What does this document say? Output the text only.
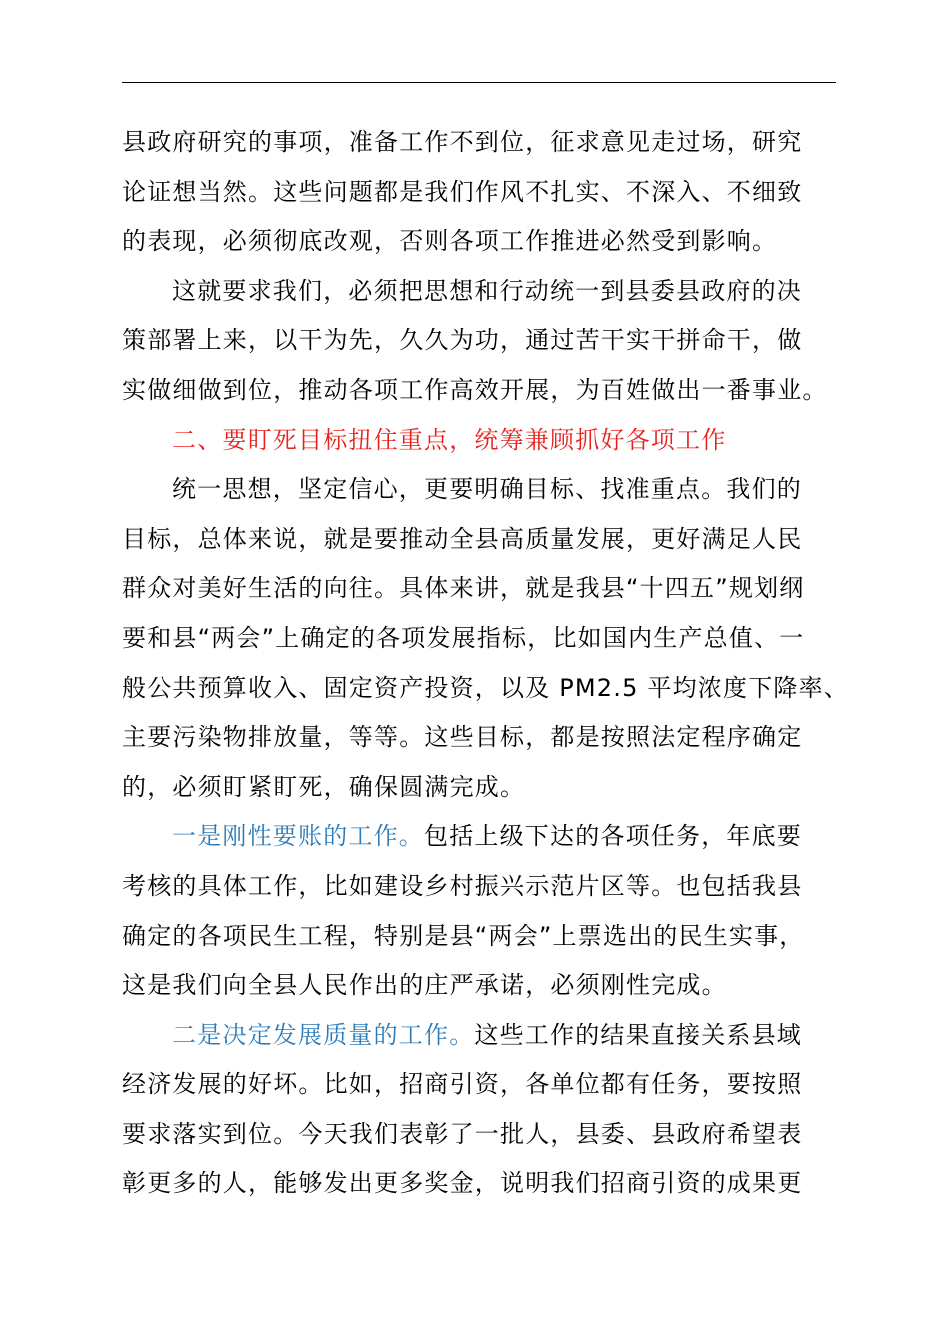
县政府研究的事项，准备工作不到位，征求意见走过场，研究
论证想当然。这些问题都是我们作风不扎实、不深入、不细致
的表现，必须彻底改观，否则各项工作推进必然受到影响。
这就要求我们，必须把思想和行动统一到县委县政府的决
策部署上来，以干为先，久久为功，通过苦干实干拼命干，做
实做细做到位，推动各项工作高效开展，为百姓做出一番事业。
二、要盯死目标扭住重点，统筹兼顾抓好各项工作
统一思想，坚定信心，更要明确目标、找准重点。我们的
目标，总体来说，就是要推动全县高质量发展，更好满足人民
群众对美好生活的向往。具体来讲，就是我县“十四五”规划纲
要和县“两会”上确定的各项发展指标，比如国内生产总值、一
般公共预算收入、固定资产投资，以及 PM2.5 平均浓度下降率、
主要污染物排放量，等等。这些目标，都是按照法定程序确定
的，必须盯紧盯死，确保圆满完成。
一是刚性要账的工作。包括上级下达的各项任务，年底要
考核的具体工作，比如建设乡村振兴示范片区等。也包括我县
确定的各项民生工程，特别是县“两会”上票选出的民生实事，
这是我们向全县人民作出的庄严承诺，必须刚性完成。
二是决定发展质量的工作。这些工作的结果直接关系县域
经济发展的好坏。比如，招商引资，各单位都有任务，要按照
要求落实到位。今天我们表彰了一批人，县委、县政府希望表
彰更多的人，能够发出更多奖金，说明我们招商引资的成果更
